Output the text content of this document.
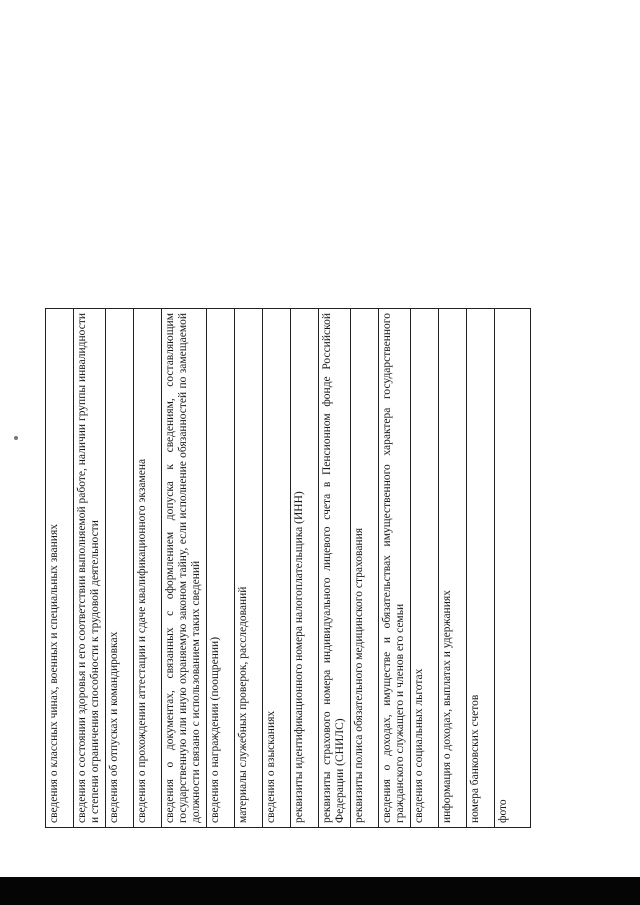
сведения о классных чинах, военных и специальных званиях
сведения о состоянии здоровья и его соответствии выполняемой работе, наличии группы инвалидности и степени ограничения способности к трудовой деятельности
сведения об отпусках и командировках
сведения о прохождении аттестации и сдаче квалификационного экзамена
сведения о документах, связанных с оформлением допуска к сведениям, составляющим государственную или иную охраняемую законом тайну, если исполнение обязанностей по замещаемой должности связано с использованием таких сведений
сведения о награждении (поощрении)
материалы служебных проверок, расследований
сведения о взысканиях
реквизиты идентификационного номера налогоплательщика (ИНН)
реквизиты страхового номера индивидуального лицевого счета в Пенсионном фонде Российской Федерации (СНИЛС)
реквизиты полиса обязательного медицинского страхования
сведения о доходах, имуществе и обязательствах имущественного характера государственного гражданского служащего и членов его семьи
сведения о социальных льготах
информация о доходах, выплатах и удержаниях
номера банковских счетов
фото
